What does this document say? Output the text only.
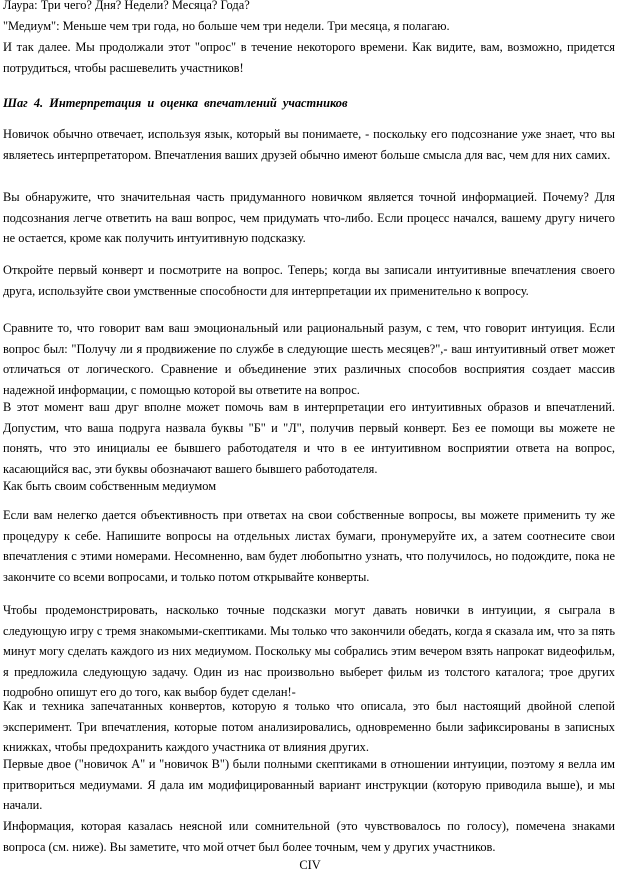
Лаура: Три чего? Дня? Недели? Месяца? Года?
"Медиум": Меньше чем три года, но больше чем три недели. Три месяца, я полагаю.

И так далее. Мы продолжали этот "опрос" в течение некоторого времени. Как видите, вам, возможно, придется потрудиться, чтобы расшевелить участников!

Шаг 4. Интерпретация и оценка впечатлений участников

Новичок обычно отвечает, используя язык, который вы понимаете, - поскольку его подсознание уже знает, что вы являетесь интерпретатором. Впечатления ваших друзей обычно имеют больше смысла для вас, чем для них самих.

Вы обнаружите, что значительная часть придуманного новичком является точной информацией. Почему? Для подсознания легче ответить на ваш вопрос, чем придумать что-либо. Если процесс начался, вашему другу ничего не остается, кроме как получить интуитивную подсказку.

Откройте первый конверт и посмотрите на вопрос. Теперь; когда вы записали интуитивные впечатления своего друга, используйте свои умственные способности для интерпретации их применительно к вопросу.

Сравните то, что говорит вам ваш эмоциональный или рациональный разум, с тем, что говорит интуиция. Если вопрос был: "Получу ли я продвижение по службе в следующие шесть месяцев?",- ваш интуитивный ответ может отличаться от логического. Сравнение и объединение этих различных способов восприятия создает массив надежной информации, с помощью которой вы ответите на вопрос.

В этот момент ваш друг вполне может помочь вам в интерпретации его интуитивных образов и впечатлений. Допустим, что ваша подруга назвала буквы "Б" и "Л", получив первый конверт. Без ее помощи вы можете не понять, что это инициалы ее бывшего работодателя и что в ее интуитивном восприятии ответа на вопрос, касающийся вас, эти буквы обозначают вашего бывшего работодателя.

Как быть своим собственным медиумом

Если вам нелегко дается объективность при ответах на свои собственные вопросы, вы можете применить ту же процедуру к себе. Напишите вопросы на отдельных листах бумаги, пронумеруйте их, а затем соотнесите свои впечатления с этими номерами. Несомненно, вам будет любопытно узнать, что получилось, но подождите, пока не закончите со всеми вопросами, и только потом открывайте конверты.

Чтобы продемонстрировать, насколько точные подсказки могут давать новички в интуиции, я сыграла в следующую игру с тремя знакомыми-скептиками. Мы только что закончили обедать, когда я сказала им, что за пять минут могу сделать каждого из них медиумом. Поскольку мы собрались этим вечером взять напрокат видеофильм, я предложила следующую задачу. Один из нас произвольно выберет фильм из толстого каталога; трое других подробно опишут его до того, как выбор будет сделан!-

Как и техника запечатанных конвертов, которую я только что описала, это был настоящий двойной слепой эксперимент. Три впечатления, которые потом анализировались, одновременно были зафиксированы в записных книжках, чтобы предохранить каждого участника от влияния других.

Первые двое ("новичок А" и "новичок В") были полными скептиками в отношении интуиции, поэтому я велла им притвориться медиумами. Я дала им модифицированный вариант инструкции (которую приводила выше), и мы начали.

Информация, которая казалась неясной или сомнительной (это чувствовалось по голосу), помечена знаками вопроса (см. ниже). Вы заметите, что мой отчет был более точным, чем у других участников.

CIV
